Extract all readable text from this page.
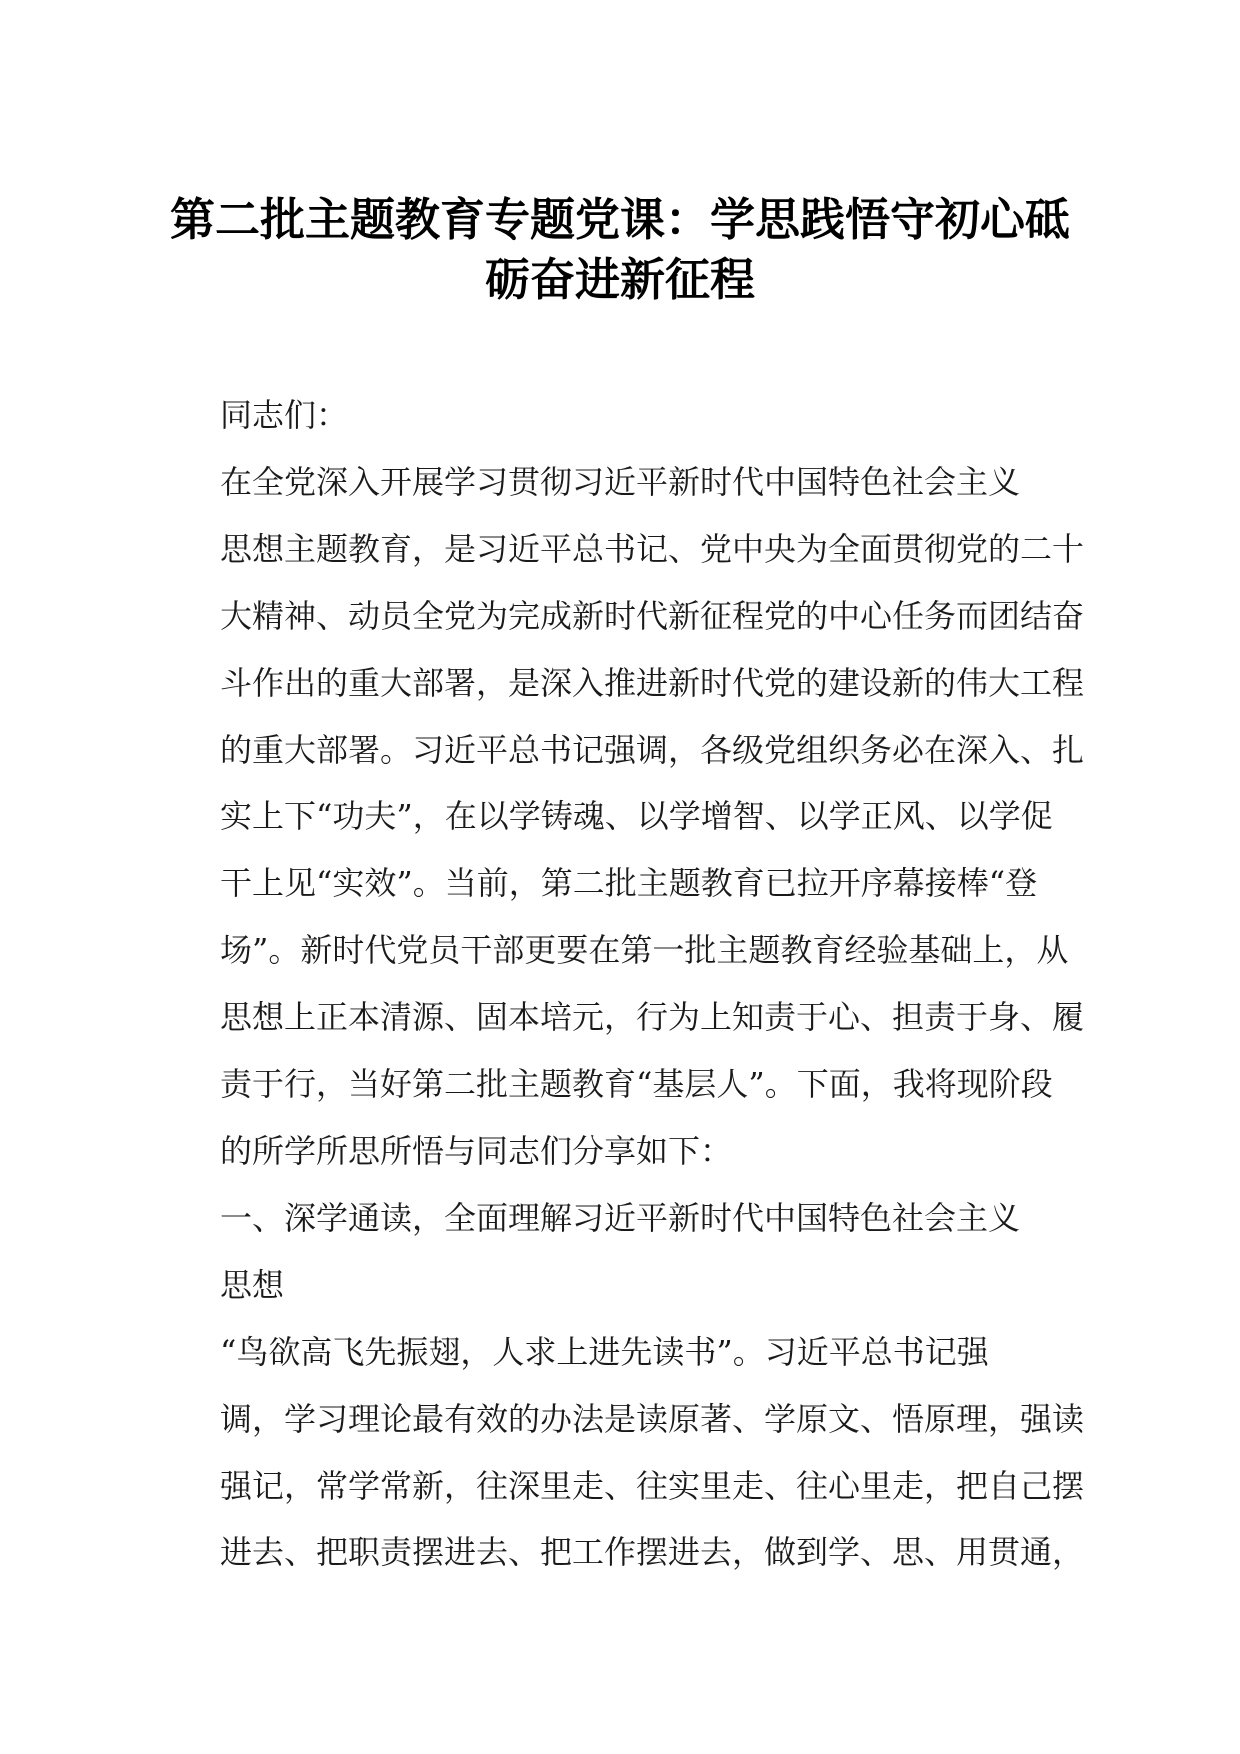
第二批主题教育专题党课：学思践悟守初心砥
砺奋进新征程

同志们：

在全党深入开展学习贯彻习近平新时代中国特色社会主义
思想主题教育，是习近平总书记、党中央为全面贯彻党的二十
大精神、动员全党为完成新时代新征程党的中心任务而团结奋
斗作出的重大部署，是深入推进新时代党的建设新的伟大工程
的重大部署。习近平总书记强调，各级党组织务必在深入、扎
实上下“功夫”，在以学铸魂、以学增智、以学正风、以学促
干上见“实效”。当前，第二批主题教育已拉开序幕接棒“登
场”。新时代党员干部更要在第一批主题教育经验基础上，从
思想上正本清源、固本培元，行为上知责于心、担责于身、履
责于行，当好第二批主题教育“基层人”。下面，我将现阶段
的所学所思所悟与同志们分享如下：

一、深学通读，全面理解习近平新时代中国特色社会主义
思想

“鸟欲高飞先振翅，人求上进先读书”。习近平总书记强
调，学习理论最有效的办法是读原著、学原文、悟原理，强读
强记，常学常新，往深里走、往实里走、往心里走，把自己摆
进去、把职责摆进去、把工作摆进去，做到学、思、用贯通，
